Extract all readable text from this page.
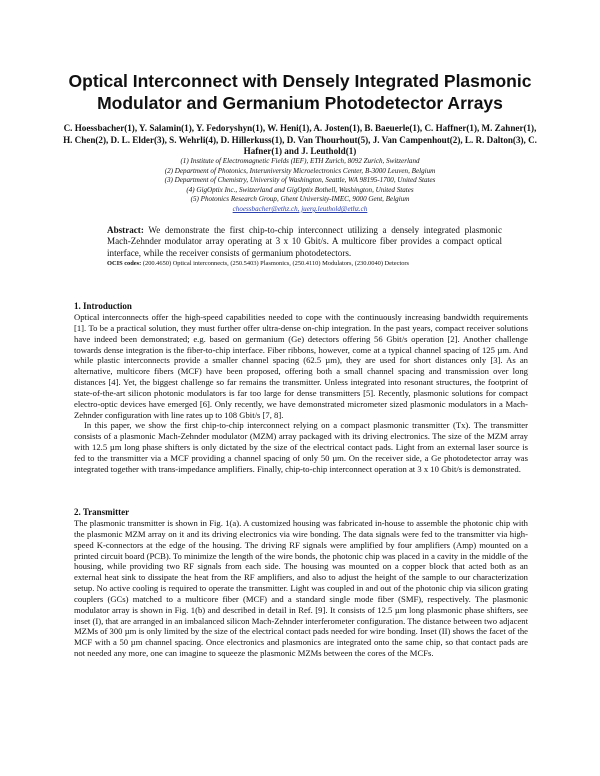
Optical Interconnect with Densely Integrated Plasmonic Modulator and Germanium Photodetector Arrays
C. Hoessbacher(1), Y. Salamin(1), Y. Fedoryshyn(1), W. Heni(1), A. Josten(1), B. Baeuerle(1), C. Haffner(1), M. Zahner(1), H. Chen(2), D. L. Elder(3), S. Wehrli(4), D. Hillerkuss(1), D. Van Thourhout(5), J. Van Campenhout(2), L. R. Dalton(3), C. Hafner(1) and J. Leuthold(1)
(1) Institute of Electromagnetic Fields (IEF), ETH Zurich, 8092 Zurich, Switzerland
(2) Department of Photonics, Interuniversity Microelectronics Center, B-3000 Leuven, Belgium
(3) Department of Chemistry, University of Washington, Seattle, WA 98195-1700, United States
(4) GigOptix Inc., Switzerland and GigOptix Bothell, Washington, United States
(5) Photonics Research Group, Ghent University-IMEC, 9000 Gent, Belgium
choessbacher@ethz.ch, juerg.leuthold@ethz.ch

Abstract: We demonstrate the first chip-to-chip interconnect utilizing a densely integrated plasmonic Mach-Zehnder modulator array operating at 3 x 10 Gbit/s. A multicore fiber provides a compact optical interface, while the receiver consists of germanium photodetectors.

OCIS codes: (200.4650) Optical interconnects, (250.5403) Plasmonics, (250.4110) Modulators, (230.0040) Detectors

1. Introduction

Optical interconnects offer the high-speed capabilities needed to cope with the continuously increasing bandwidth requirements [1]. To be a practical solution, they must further offer ultra-dense on-chip integration. In the past years, compact receiver solutions have indeed been demonstrated; e.g. based on germanium (Ge) detectors offering 56 Gbit/s operation [2]. Another challenge towards dense integration is the fiber-to-chip interface. Fiber ribbons, however, come at a typical channel spacing of 125 µm. And while plastic interconnects provide a smaller channel spacing (62.5 µm), they are used for short distances only [3]. As an alternative, multicore fibers (MCF) have been proposed, offering both a small channel spacing and transmission over long distances [4]. Yet, the biggest challenge so far remains the transmitter. Unless integrated into resonant structures, the footprint of state-of-the-art silicon photonic modulators is far too large for dense transmitters [5]. Recently, plasmonic solutions for compact electro-optic devices have emerged [6]. Only recently, we have demonstrated micrometer sized plasmonic modulators in a Mach-Zehnder configuration with line rates up to 108 Gbit/s [7, 8].

In this paper, we show the first chip-to-chip interconnect relying on a compact plasmonic transmitter (Tx). The transmitter consists of a plasmonic Mach-Zehnder modulator (MZM) array packaged with its driving electronics. The size of the MZM array with 12.5 µm long phase shifters is only dictated by the size of the electrical contact pads. Light from an external laser source is fed to the transmitter via a MCF providing a channel spacing of only 50 µm. On the receiver side, a Ge photodetector array was integrated together with trans-impedance amplifiers. Finally, chip-to-chip interconnect operation at 3 x 10 Gbit/s is demonstrated.

2. Transmitter

The plasmonic transmitter is shown in Fig. 1(a). A customized housing was fabricated in-house to assemble the photonic chip with the plasmonic MZM array on it and its driving electronics via wire bonding. The data signals were fed to the transmitter via high-speed K-connectors at the edge of the housing. The driving RF signals were amplified by four amplifiers (Amp) mounted on a printed circuit board (PCB). To minimize the length of the wire bonds, the photonic chip was placed in a cavity in the middle of the housing, while providing two RF signals from each side. The housing was mounted on a copper block that acted both as an external heat sink to dissipate the heat from the RF amplifiers, and also to adjust the height of the sample to our characterization setup. No active cooling is required to operate the transmitter. Light was coupled in and out of the photonic chip via silicon grating couplers (GCs) matched to a multicore fiber (MCF) and a standard single mode fiber (SMF), respectively. The plasmonic modulator array is shown in Fig. 1(b) and described in detail in Ref. [9]. It consists of 12.5 µm long plasmonic phase shifters, see inset (I), that are arranged in an imbalanced silicon Mach-Zehnder interferometer configuration. The distance between two adjacent MZMs of 300 µm is only limited by the size of the electrical contact pads needed for wire bonding. Inset (II) shows the facet of the MCF with a 50 µm channel spacing. Once electronics and plasmonics are integrated onto the same chip, so that contact pads are not needed any more, one can imagine to squeeze the plasmonic MZMs between the cores of the MCFs.
